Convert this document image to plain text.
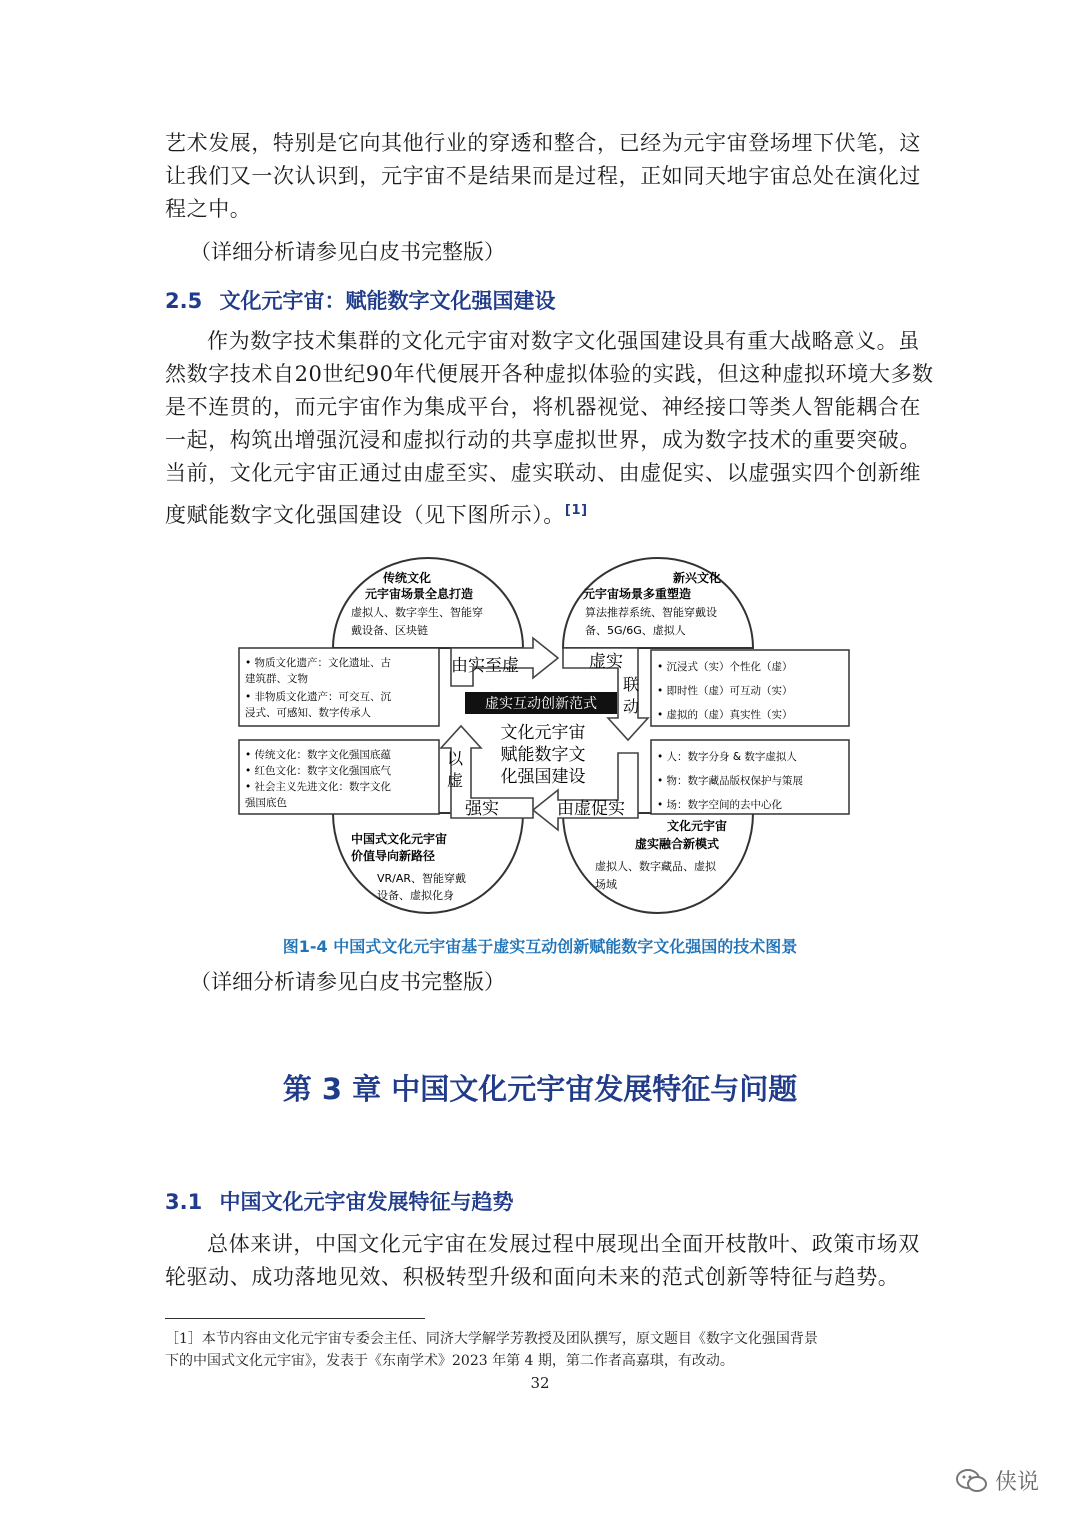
艺术发展，特别是它向其他行业的穿透和整合，已经为元宇宙登场埋下伏笔，这
让我们又一次认识到，元宇宙不是结果而是过程，正如同天地宇宙总处在演化过
程之中。
（详细分析请参见白皮书完整版）
2.5 文化元宇宙：赋能数字文化强国建设
作为数字技术集群的文化元宇宙对数字文化强国建设具有重大战略意义。虽
然数字技术自20世纪90年代便展开各种虚拟体验的实践，但这种虚拟环境大多数
是不连贯的，而元宇宙作为集成平台，将机器视觉、神经接口等类人智能耦合在
一起，构筑出增强沉浸和虚拟行动的共享虚拟世界，成为数字技术的重要突破。
当前，文化元宇宙正通过由虚至实、虚实联动、由虚促实、以虚强实四个创新维
度赋能数字文化强国建设（见下图所示）。[1]
传统文化
元宇宙场景全息打造
虚拟人、数字孪生、智能穿
戴设备、区块链
新兴文化
元宇宙场景多重塑造
算法推荐系统、智能穿戴设
备、5G/6G、虚拟人
中国式文化元宇宙
价值导向新路径
VR/AR、智能穿戴
设备、虚拟化身
文化元宇宙
虚实融合新模式
虚拟人、数字藏品、虚拟
场域
• 物质文化遗产：文化遗址、古
建筑群、文物
• 非物质文化遗产：可交互、沉
浸式、可感知、数字传承人
• 传统文化：数字文化强国底蕴
• 红色文化：数字文化强国底气
• 社会主义先进文化：数字文化
强国底色
• 沉浸式（实）个性化（虚）
• 即时性（虚）可互动（实）
• 虚拟的（虚）真实性（实）
• 人：数字分身 & 数字虚拟人
• 物：数字藏品版权保护与策展
• 场：数字空间的去中心化
由实至虚	虚实
联
动
以
虚
强实	由虚促实
虚实互动创新范式
文化元宇宙
赋能数字文
化强国建设
图1-4 中国式文化元宇宙基于虚实互动创新赋能数字文化强国的技术图景
（详细分析请参见白皮书完整版）
第 3 章 中国文化元宇宙发展特征与问题
3.1 中国文化元宇宙发展特征与趋势
总体来讲，中国文化元宇宙在发展过程中展现出全面开枝散叶、政策市场双
轮驱动、成功落地见效、积极转型升级和面向未来的范式创新等特征与趋势。
［1］本节内容由文化元宇宙专委会主任、同济大学解学芳教授及团队撰写，原文题目《数字文化强国背景
下的中国式文化元宇宙》，发表于《东南学术》2023 年第 4 期，第二作者高嘉琪，有改动。
32
侠说
